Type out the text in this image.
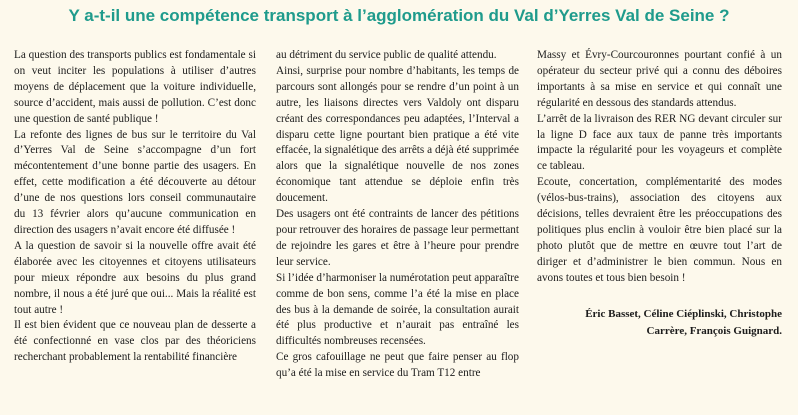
Y a-t-il une compétence transport à l’agglomération du Val d’Yerres Val de Seine ?

La question des transports publics est fondamentale si on veut inciter les populations à utiliser d’autres moyens de déplacement que la voiture individuelle, source d’accident, mais aussi de pollution. C’est donc une question de santé publique !

La refonte des lignes de bus sur le territoire du Val d’Yerres Val de Seine s’accompagne d’un fort mécontentement d’une bonne partie des usagers. En effet, cette modification a été découverte au détour d’une de nos questions lors conseil communautaire du 13 février alors qu’aucune communication en direction des usagers n’avait encore été diffusée !

A la question de savoir si la nouvelle offre avait été élaborée avec les citoyennes et citoyens utilisateurs pour mieux répondre aux besoins du plus grand nombre, il nous a été juré que oui... Mais la réalité est tout autre !

Il est bien évident que ce nouveau plan de desserte a été confectionné en vase clos par des théoriciens recherchant probablement la rentabilité financière

au détriment du service public de qualité attendu.

Ainsi, surprise pour nombre d’habitants, les temps de parcours sont allongés pour se rendre d’un point à un autre, les liaisons directes vers Valdoly ont disparu créant des correspondances peu adaptées, l’Interval a disparu cette ligne pourtant bien pratique a été vite effacée, la signalétique des arrêts a déjà été supprimée alors que la signalétique nouvelle de nos zones économique tant attendue se déploie enfin très doucement.

Des usagers ont été contraints de lancer des pétitions pour retrouver des horaires de passage leur permettant de rejoindre les gares et être à l’heure pour prendre leur service.

Si l’idée d’harmoniser la numérotation peut apparaître comme de bon sens, comme l’a été la mise en place des bus à la demande de soirée, la consultation aurait été plus productive et n’aurait pas entraîné les difficultés nombreuses recensées.

Ce gros cafouillage ne peut que faire penser au flop qu’a été la mise en service du Tram T12 entre

Massy et Évry-Courcouronnes pourtant confié à un opérateur du secteur privé qui a connu des déboires importants à sa mise en service et qui connaît une régularité en dessous des standards attendus.

L’arrêt de la livraison des RER NG devant circuler sur la ligne D face aux taux de panne très importants impacte la régularité pour les voyageurs et complète ce tableau.

Ecoute, concertation, complémentarité des modes (vélos-bus-trains), association des citoyens aux décisions, telles devraient être les préoccupations des politiques plus enclin à vouloir être bien placé sur la photo plutôt que de mettre en œuvre tout l’art de diriger et d’administrer le bien commun. Nous en avons toutes et tous bien besoin !

Éric Basset, Céline Ciéplinski, Christophe
Carrère, François Guignard.
